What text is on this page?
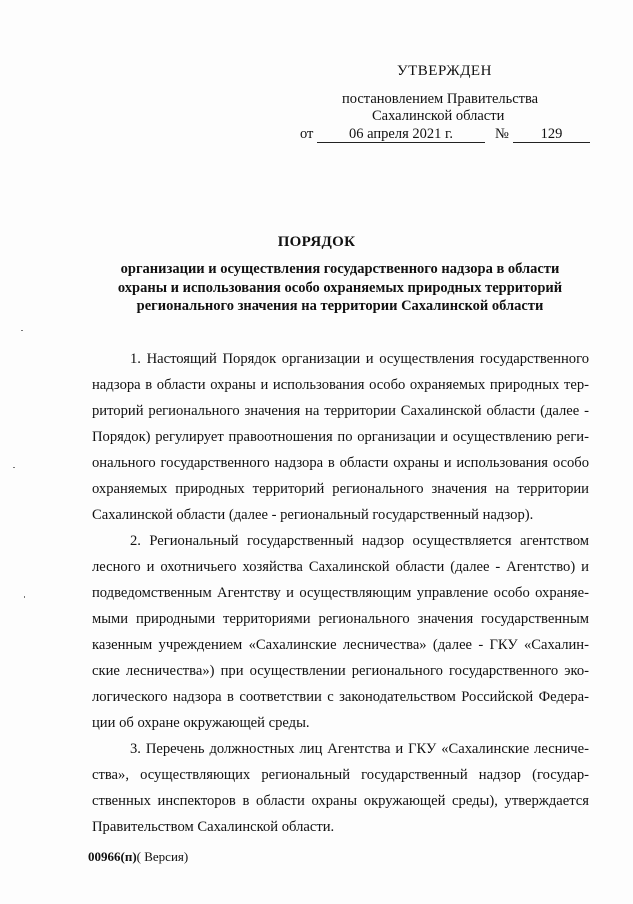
УТВЕРЖДЕН
постановлением Правительства
Сахалинской области
от	06 апреля 2021 г.	№	129
ПОРЯДОК
организации и осуществления государственного надзора в области охраны и использования особо охраняемых природных территорий регионального значения на территории Сахалинской области

1. Настоящий Порядок организации и осуществления государственного надзора в области охраны и использования особо охраняемых природных территорий регионального значения на территории Сахалинской области (далее - Порядок) регулирует правоотношения по организации и осуществлению регионального государственного надзора в области охраны и использования особо охраняемых природных территорий регионального значения на территории Сахалинской области (далее - региональный государственный надзор).

2. Региональный государственный надзор осуществляется агентством лесного и охотничьего хозяйства Сахалинской области (далее - Агентство) и подведомственным Агентству и осуществляющим управление особо охраняемыми природными территориями регионального значения государственным казенным учреждением «Сахалинские лесничества» (далее - ГКУ «Сахалинские лесничества») при осуществлении регионального государственного экологического надзора в соответствии с законодательством Российской Федерации об охране окружающей среды.

3. Перечень должностных лиц Агентства и ГКУ «Сахалинские лесничества», осуществляющих региональный государственный надзор (государственных инспекторов в области охраны окружающей среды), утверждается Правительством Сахалинской области.

00966(п)( Версия)
